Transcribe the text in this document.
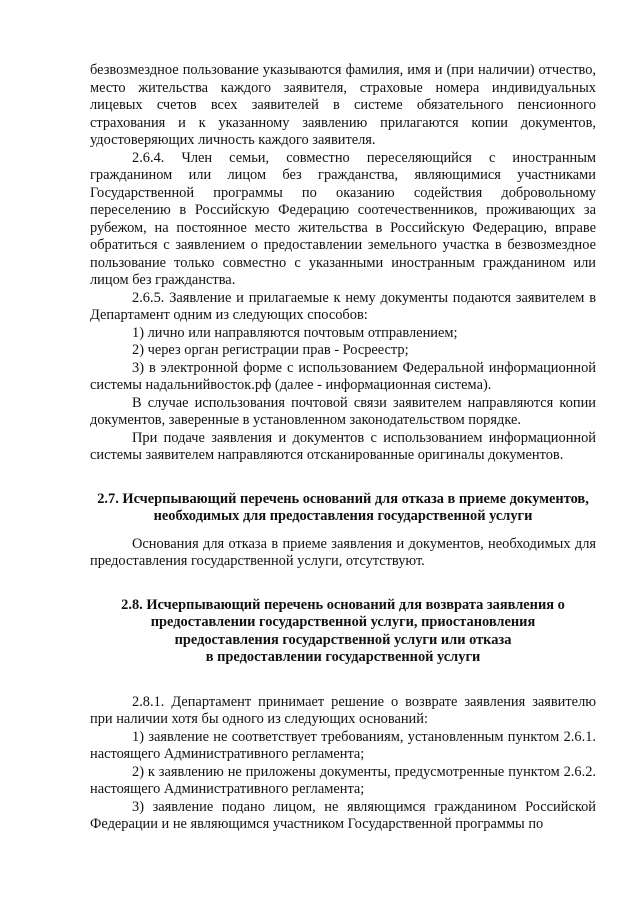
безвозмездное пользование указываются фамилия, имя и (при наличии) отчество, место жительства каждого заявителя, страховые номера индивидуальных лицевых счетов всех заявителей в системе обязательного пенсионного страхования и к указанному заявлению прилагаются копии документов, удостоверяющих личность каждого заявителя.

2.6.4. Член семьи, совместно переселяющийся с иностранным гражданином или лицом без гражданства, являющимися участниками Государственной программы по оказанию содействия добровольному переселению в Российскую Федерацию соотечественников, проживающих за рубежом, на постоянное место жительства в Российскую Федерацию, вправе обратиться с заявлением о предоставлении земельного участка в безвозмездное пользование только совместно с указанными иностранным гражданином или лицом без гражданства.

2.6.5. Заявление и прилагаемые к нему документы подаются заявителем в Департамент одним из следующих способов:

1) лично или направляются почтовым отправлением;

2) через орган регистрации прав - Росреестр;

3) в электронной форме с использованием Федеральной информационной системы надальнийвосток.рф (далее - информационная система).

В случае использования почтовой связи заявителем направляются копии документов, заверенные в установленном законодательством порядке.

При подаче заявления и документов с использованием информационной системы заявителем направляются отсканированные оригиналы документов.

2.7. Исчерпывающий перечень оснований для отказа в приеме документов, необходимых для предоставления государственной услуги

Основания для отказа в приеме заявления и документов, необходимых для предоставления государственной услуги, отсутствуют.

2.8. Исчерпывающий перечень оснований для возврата заявления о
предоставлении государственной услуги, приостановления
предоставления государственной услуги или отказа
в предоставлении государственной услуги

2.8.1. Департамент принимает решение о возврате заявления заявителю при наличии хотя бы одного из следующих оснований:

1) заявление не соответствует требованиям, установленным пунктом 2.6.1. настоящего Административного регламента;

2) к заявлению не приложены документы, предусмотренные пунктом 2.6.2. настоящего Административного регламента;

3) заявление подано лицом, не являющимся гражданином Российской Федерации и не являющимся участником Государственной программы по
